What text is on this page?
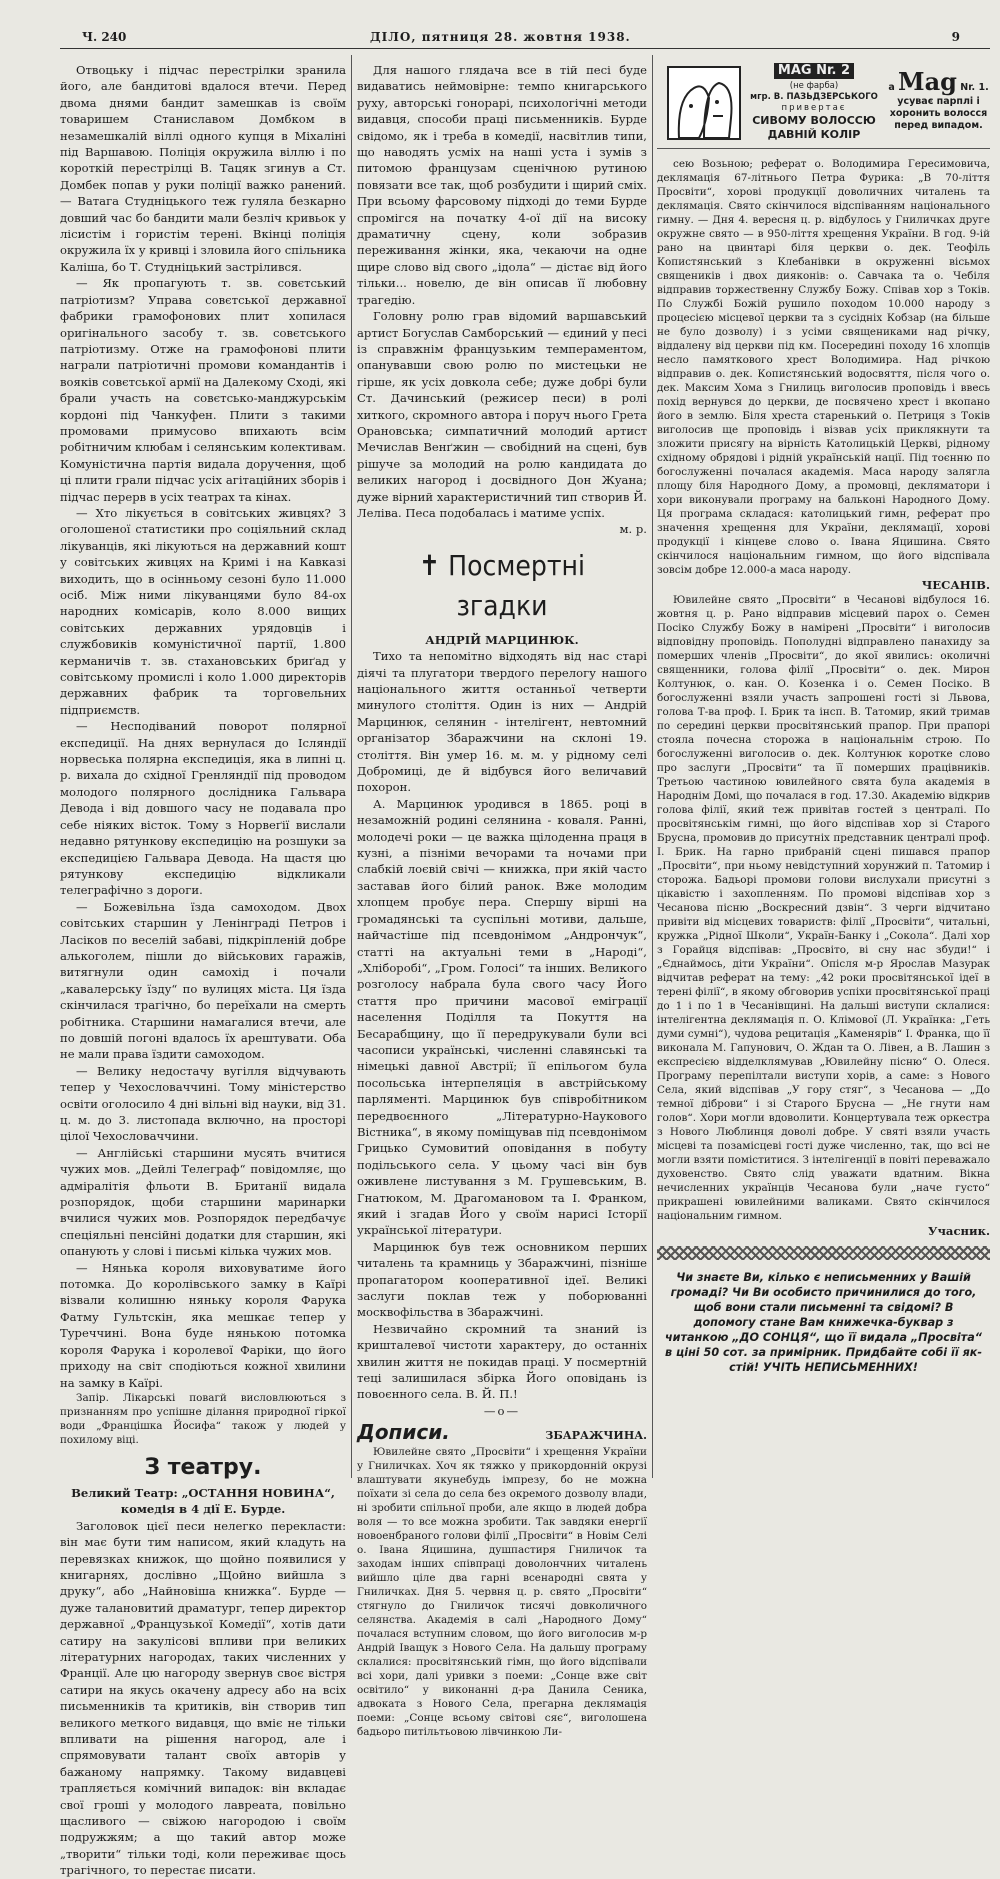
Ч. 240	ДІЛО, пятниця 28. жовтня 1938.	9

Отвоцьку і підчас перестрілки зранила його, але бандитові вдалося втечи. Перед двома днями бандит замешкав із своїм товаришем Станиславом Домбком в незамешкалій віллі одного купця в Міхаліні під Варшавою. Поліція окружила віллю і по короткій перестрілці В. Тацяк згинув а Ст. Домбек попав у руки поліції важко ранений. — Ватага Студніцького теж гуляла безкарно довший час бо бандити мали безліч кривьок у лісистім і гористім терені. Вкінці поліція окружила їх у кривці і зловила його спільника Каліша, бо Т. Студніцький застрілився.

— Як пропагують т. зв. совєтський патріотизм? Управа совєтської державної фабрики грамофонових плит хопилася оригінального засобу т. зв. совєтського патріотизму. Отже на грамофонові плити награли патріотичні промови командантів і вояків совєтської армії на Далекому Сході, які брали участь на совєтсько-манджурськім кордоні під Чанкуфен. Плити з такими промовами примусово впихають всім робітничим клюбам і селянським колективам. Комуністична партія видала доручення, щоб ці плити грали підчас усіх агітаційних зборів і підчас перерв в усіх театрах та кінах.

— Хто лікується в совітських живцях? З оголошеної статистики про соціяльний склад лікуванців, які лікуються на державний кошт у совітських живцях на Кримі і на Кавказі виходить, що в осінньому сезоні було 11.000 осіб. Між ними лікуванцями було 84-ох народних комісарів, коло 8.000 вищих совітських державних урядовців і службовиків комуністичної партії, 1.800 керманичів т. зв. стахановських бриґад у совітському промислі і коло 1.000 директорів державних фабрик та торговельних підприємств.

— Несподіваний поворот полярної експедиції. На днях вернулася до Ісляндії норвеська полярна експедиція, яка в липні ц. р. вихала до східної Гренляндії під проводом молодого полярного дослідника Гальвара Девода і від довшого часу не подавала про себе ніяких вісток. Тому з Норвеґії вислали недавно рятункову експедицію на розшуки за експедицією Гальвара Девода. На щастя цю рятункову експедицію відкликали телеграфічно з дороги.

— Божевільна їзда самоходом. Двох совітських старшин у Ленінграді Петров і Ласіков по веселій забаві, підкріпленій добре алькоголем, пішли до військових гаражів, витягнули один самохід і почали „кавалерську їзду“ по вулицях міста. Ця їзда скінчилася трагічно, бо переїхали на смерть робітника. Старшини намагалися втечи, але по довшій погоні вдалось їх арештувати. Оба не мали права їздити самоходом.

— Велику недостачу вугілля відчувають тепер у Чехословаччині. Тому міністерство освіти оголосило 4 дні вільні від науки, від 31. ц. м. до 3. листопада включно, на просторі цілої Чехословаччини.

— Англійські старшини мусять вчитися чужих мов. „Дейлі Телеграф“ повідомляє, що адміралітія фльоти В. Британії видала розпорядок, щоби старшини маринарки вчилися чужих мов. Розпорядок передбачує спеціяльні пенсійні додатки для старшин, які опанують у слові і письмі кілька чужих мов.

— Нянька короля виховуватиме його потомка. До королівського замку в Каїрі візвали колишню няньку короля Фарука Фатму Гультскін, яка мешкає тепер у Туреччині. Вона буде нянькою потомка короля Фарука і королевої Фаріки, що його приходу на світ сподіються кожної хвилини на замку в Каїрі.

Запір. Лікарські повагй висловлюються з признанням про успішне ділання природної гіркої води „Францішка Йосифа“ також у людей у похилому віці.

З театру.

Великий Театр: „ОСТАННЯ НОВИНА“, комедія в 4 дії Е. Бурде.

Заголовок цієї песи нелегко перекласти: він має бути тим написом, який кладуть на перевязках книжок, що щойно появилися у книгарнях, дослівно „Щойно вийшла з друку“, або „Найновіша книжка“. Бурде — дуже талановитий драматург, тепер директор державної „Французької Комедії“, хотів дати сатиру на закулісові впливи при великих літературних нагородах, таких численних у Франції. Але цю нагороду звернув своє вістря сатири на якусь окачену адресу або на всіх письменників та критиків, він створив тип великого меткого видавця, що вміє не тільки впливати на рішення нагород, але і спрямовувати талант своїх авторів у бажаному напрямку. Такому видавцеві трапляється комічний випадок: він вкладає свої гроші у молодого лавреата, повільно щасливого — свіжою нагородою і своїм подружжям; а що такий автор може „творити“ тільки тоді, коли переживає щось трагічного, то перестає писати.

Для нашого глядача все в тій песі буде видаватись неймовірне: темпо книгарського руху, авторські гонорарі, психологічні методи видавця, способи праці письменників. Бурде свідомо, як і треба в комедії, насвітлив типи, що наводять усміх на наші уста і зумів з питомою французам сценічною рутиною повязати все так, щоб розбудити і щирий сміх. При всьому фарсовому підході до теми Бурде спромігся на початку 4-ої дії на високу драматичну сцену, коли зобразив переживання жінки, яка, чекаючи на одне щире слово від свого „ідола“ — дістає від його тільки... новелю, де він описав її любовну трагедію.

Головну ролю грав відомий варшавський артист Богуслав Самборський — єдиний у песі із справжнім французьким темпераментом, опанувавши свою ролю по мистецьки не гірше, як усіх довкола себе; дуже добрі були Ст. Дачинський (режисер песи) в ролі хиткого, скромного автора і поруч нього Грета Орановська; симпатичний молодий артист Мечислав Венґжин — свобідний на сцені, був рішуче за молодий на ролю кандидата до великих нагород і досвідного Дон Жуана; дуже вірний характеристичний тип створив Й. Леліва. Песа подобалась і матиме успіх.

м. р.

✝ Посмертні згадки

АНДРІЙ МАРЦИНЮК.

Тихо та непомітно відходять від нас старі діячі та плугатори твердого перелогу нашого національного життя останньої четверти минулого століття. Один із них — Андрій Марцинюк, селянин - інтелігент, невтомний організатор Збаражчини на склоні 19. століття. Він умер 16. м. м. у рідному селі Добромиці, де й відбувся його величавий похорон.

А. Марцинюк уродився в 1865. році в незаможній родині селянина - коваля. Ранні, молодечі роки — це важка щілоденна праця в кузні, а пізніми вечорами та ночами при слабкій лоєвій свічі — книжка, при якій часто заставав його білий ранок. Вже молодим хлопцем пробує пера. Спершу вірші на громадянські та суспільні мотиви, дальше, найчастіше під псевдонімом „Андрончук“, статті на актуальні теми в „Народі“, „Хліборобі“, „Гром. Голосі“ та інших. Великого розголосу набрала була свого часу Його стаття про причини масової еміграції населення Поділля та Покуття на Бесарабщину, що її передрукували були всі часописи українські, численні славянські та німецькі давної Австрії; її епільогом була посольська інтерпеляція в австрійському парляменті. Марцинюк був співробітником передвоєнного „Літературно-Наукового Вістника“, в якому поміщував під псевдонімом Грицько Сумовитий оповідання в побуту подільського села. У цьому часі він був оживлене листування з М. Грушевським, В. Гнатюком, М. Драгомановом та І. Франком, який і згадав Його у своїм нарисі Історії української літератури.

Марцинюк був теж основником перших читалень та крамниць у Збаражчині, пізніше пропагатором кооперативної ідеї. Великі заслуги поклав теж у поборюванні москвофільства в Збаражчині.

Незвичайно скромний та знаний із кришталевої чистоти характеру, до останніх хвилин життя не покидав праці. У посмертній теці залишилася збірка Його оповідань із повоєнного села. В. Й. П.!

—o—

Дописи.	ЗБАРАЖЧИНА.

Ювилейне свято „Просвіти“ і хрещення України у Гниличках. Хоч як тяжко у прикордонній окрузі влаштувати якунебудь імпрезу, бо не можна поїхати зі села до села без окремого дозволу влади, ні зробити спільної проби, але якщо в людей добра воля — то все можна зробити. Так завдяки енергії новоенбраного голови філії „Просвіти“ в Новім Селі о. Івана Яцишина, душпастиря Гниличок та заходам інших співпраці доволончних читалень вийшло ціле два гарні всенародні свята у Гниличках. Дня 5. червня ц. р. свято „Просвіти“ стягнуло до Гниличок тисячі довколичного селянства. Академія в салі „Народного Дому“ почалася вступним словом, що його виголосив м-р Андрій Іващук з Нового Села. На дальшу програму склалися: просвітянський гімн, що його відспівали всі хори, далі уривки з поеми: „Сонце вже світ освітило“ у виконанні д-ра Данила Сеника, адвоката з Нового Села, прегарна деклямація поеми: „Сонце всьому світові сяє“, виголошена бадьоро питільтьовою лівчинкою Ли-

MAG Nr. 2
(не фарба)
мгр. В. ПАЗЬДЗЕРСЬКОГО
привертає
СИВОМУ ВОЛОССЮ
ДАВНІЙ КОЛІР
а Mag Nr. 1.
усуває парплі і хоронить волосся перед випадом.

сею Возьною; реферат о. Володимира Гересимовича, деклямація 67-літнього Петра Фурика: „В 70-ліття Просвіти“, хорові продукції доволичних читалень та деклямація. Свято скінчилося відспіванням національного гимну. — Дня 4. вересня ц. р. відбулось у Гниличках друге окружне свято — в 950-ліття хрещення України. В год. 9-ій рано на цвинтарі біля церкви о. дек. Теофіль Копистянський з Клебанівки в окруженні вісьмох священиків і двох дияконів: о. Савчака та о. Чебіля відправив торжественну Службу Божу. Співав хор з Токів. По Службі Божій рушило походом 10.000 народу з процесією місцевої церкви та з сусідніх Кобзар (на більше не було дозволу) і з усіми священиками над річку, віддалену від церкви під км. Посередині походу 16 хлопців несло памяткового хрест Володимира. Над річкою відправив о. дек. Копистянський водосвяття, після чого о. дек. Максим Хома з Гнилиць виголосив проповідь і ввесь похід вернувся до церкви, де посвячено хрест і вкопано його в землю. Біля хреста старенький о. Петриця з Токів виголосив ще проповідь і візвав усіх приклякнути та зложити присягу на вірність Католицькій Церкві, рідному східному обрядові і рідній українській нації. Під тоєнню по богослуженні почалася академія. Маса народу залягла площу біля Народного Дому, а промовці, декляматори і хори виконували програму на бальконі Народного Дому. Ця програма складася: католицький гимн, реферат про значення хрещення для України, деклямації, хорові продукції і кінцеве слово о. Івана Яцишина. Свято скінчилося національним гимном, що його відспівала зовсім добре 12.000-а маса народу.

ЧЕСАНІВ.

Ювилейне свято „Просвіти“ в Чесанові відбулося 16. жовтня ц. р. Рано відправив місцевий парох о. Семен Посіко Службу Божу в намірені „Просвіти“ і виголосив відповідну проповідь. Пополудні відправлено панахиду за померших членів „Просвіти“, до якої явились: околичні священники, голова філії „Просвіти“ о. дек. Мирон Колтунюк, о. кан. О. Козенка і о. Семен Посіко. В богослуженні взяли участь запрошені гості зі Львова, голова Т-ва проф. І. Брик та інсп. В. Татомир, який тримав по середині церкви просвітянський прапор. При прапорі стояла почесна сторожа в національнім строю. По богослуженні виголосив о. дек. Колтунюк коротке слово про заслуги „Просвіти“ та її померших працівників. Третьою частиною ювилейного свята була академія в Народнім Домі, що почалася в год. 17.30. Академію відкрив голова філії, який теж привітав гостей з централі. По просвітянськім гимні, що його відспівав хор зі Старого Брусна, промовив до присутніх представник централі проф. І. Брик. На гарно прибраній сцені пишався прапор „Просвіти“, при ньому невідступний хорунжий п. Татомир і сторожа. Бадьорі промови голови вислухали присутні з цікавістю і захопленням. По промові відспівав хор з Чесанова пісню „Воскресний дзвін“. З черги відчитано привіти від місцевих товариств: філії „Просвіти“, читальні, кружка „Рідної Школи“, Україн-Банку і „Сокола“. Далі хор з Горайця відспівав: „Просвіто, ві сну нас збуди!“ і „Єднаймось, діти України“. Опісля м-р Ярослав Мазурак відчитав реферат на тему: „42 роки просвітянської ідеї в терені філії“, в якому обговорив успіхи просвітянської праці до 1 і по 1 в Чесанівщині. На дальші виступи склалися: інтелігентна деклямація п. О. Клімової (Л. Українка: „Геть думи сумні“), чудова рецитація „Каменярів“ І. Франка, що її виконала М. Гапунович, О. Ждан та О. Лівен, а В. Лашин з експресією відделклямував „Ювилейну пісню“ О. Олеся. Програму перепілтали виступи хорів, а саме: з Нового Села, який відспівав „У гору стяг“, з Чесанова — „До темної діброви“ і зі Старого Брусна — „Не гнути нам голов“. Хори могли вдоволити. Концертувала теж оркестра з Нового Люблинця доволі добре. У святі взяли участь місцеві та позамісцеві гості дуже численно, так, що всі не могли взяти поміститися. З інтелігенції в повіті переважало духовенство. Свято слід уважати вдатним. Вікна нечисленних українців Чесанова були „наче густо“ прикрашені ювилейними валиками. Свято скінчилося національним гимном.

Учасник.

Чи знаєте Ви, кілько є неписьменних у Вашій громаді? Чи Ви особисто причинилися до того, щоб вони стали письменні та свідомі? В допомогу стане Вам книжечка-буквар з читанкою „ДО СОНЦЯ“, що її видала „Просвіта“ в ціні 50 сот. за примірник. Придбайте собі її як-стій! УЧІТЬ НЕПИСЬМЕННИХ!
